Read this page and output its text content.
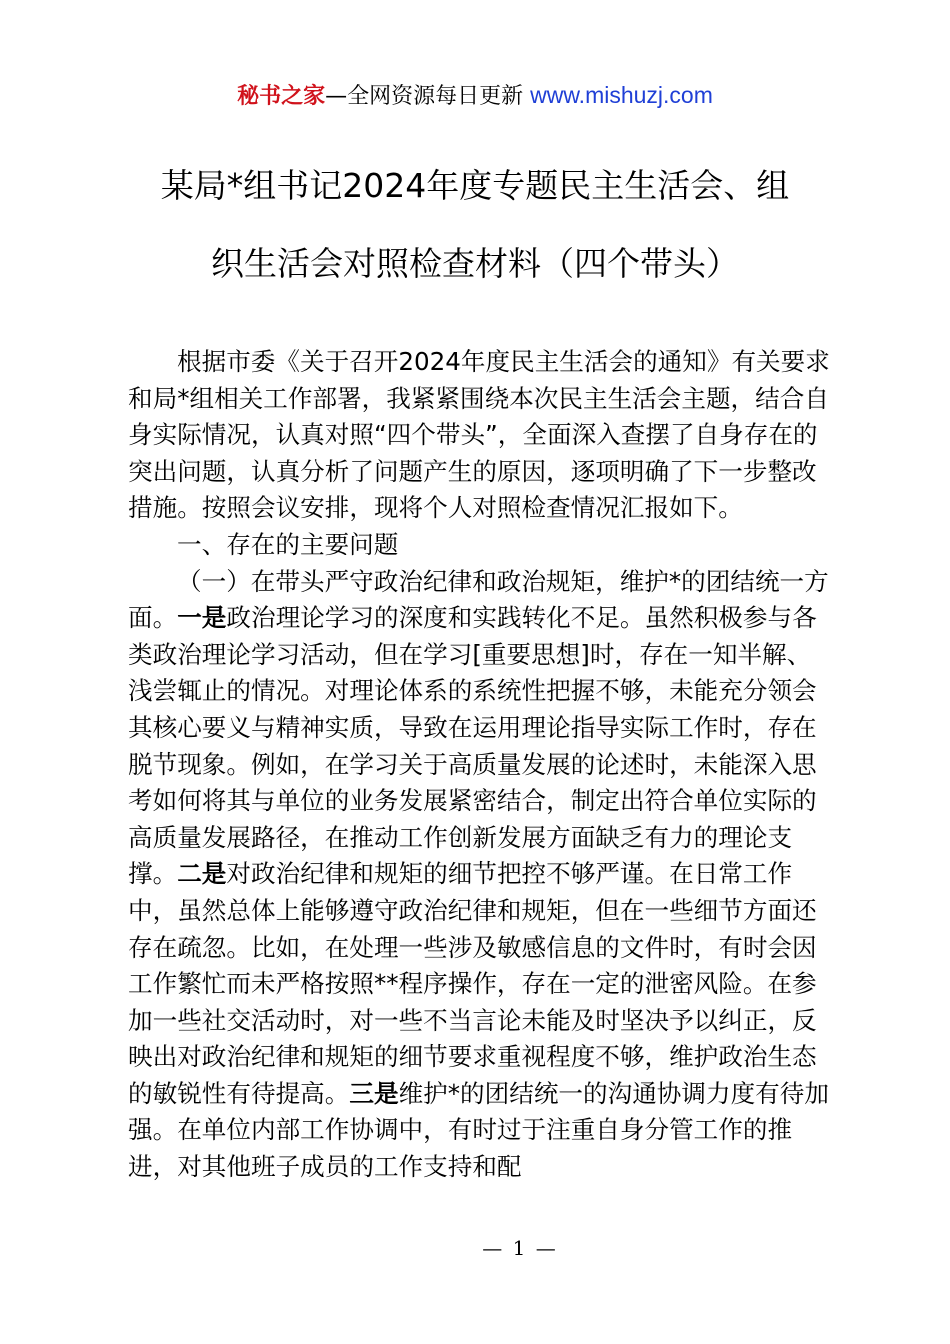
秘书之家—全网资源每日更新 www.mishuzj.com
某局*组书记2024年度专题民主生活会、组
织生活会对照检查材料（四个带头）

根据市委《关于召开2024年度民主生活会的通知》有关要求和局*组相关工作部署，我紧紧围绕本次民主生活会主题，结合自身实际情况，认真对照“四个带头”，全面深入查摆了自身存在的突出问题，认真分析了问题产生的原因，逐项明确了下一步整改措施。按照会议安排，现将个人对照检查情况汇报如下。

一、存在的主要问题

（一）在带头严守政治纪律和政治规矩，维护*的团结统一方面。一是政治理论学习的深度和实践转化不足。虽然积极参与各类政治理论学习活动，但在学习[重要思想]时，存在一知半解、浅尝辄止的情况。对理论体系的系统性把握不够，未能充分领会其核心要义与精神实质，导致在运用理论指导实际工作时，存在脱节现象。例如，在学习关于高质量发展的论述时，未能深入思考如何将其与单位的业务发展紧密结合，制定出符合单位实际的高质量发展路径，在推动工作创新发展方面缺乏有力的理论支撑。二是对政治纪律和规矩的细节把控不够严谨。在日常工作中，虽然总体上能够遵守政治纪律和规矩，但在一些细节方面还存在疏忽。比如，在处理一些涉及敏感信息的文件时，有时会因工作繁忙而未严格按照**程序操作，存在一定的泄密风险。在参加一些社交活动时，对一些不当言论未能及时坚决予以纠正，反映出对政治纪律和规矩的细节要求重视程度不够，维护政治生态的敏锐性有待提高。三是维护*的团结统一的沟通协调力度有待加强。在单位内部工作协调中，有时过于注重自身分管工作的推进，对其他班子成员的工作支持和配

— 1 —
